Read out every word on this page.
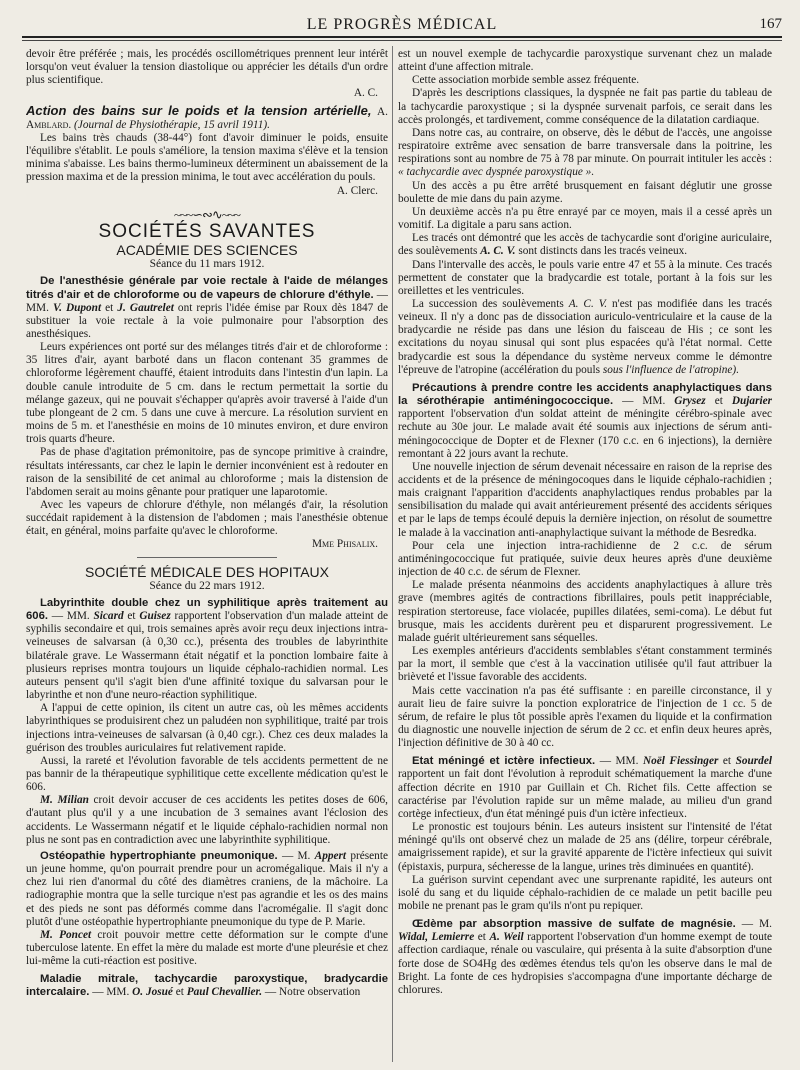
LE PROGRÈS MÉDICAL	167

devoir être préférée ; mais, les procédés oscillométriques prennent leur intérêt lorsqu'on veut évaluer la tension diastolique ou apprécier les détails d'un ordre plus scientifique.

A. C.

Action des bains sur le poids et la tension artérielle, A. Amblard. (Journal de Physiothérapie, 15 avril 1911).

Les bains très chauds (38-44°) font d'avoir diminuer le poids, ensuite l'équilibre s'établit. Le pouls s'améliore, la tension maxima s'élève et la tension minima s'abaisse. Les bains thermo-lumineux déterminent un abaissement de la pression maxima et de la pression minima, le tout avec accélération du pouls.

A. Clerc.
~~~∽∾∿~~~
SOCIÉTÉS SAVANTES
ACADÉMIE DES SCIENCES
Séance du 11 mars 1912.

De l'anesthésie générale par voie rectale à l'aide de mélanges titrés d'air et de chloroforme ou de vapeurs de chlorure d'éthyle. — MM. V. Dupont et J. Gautrelet ont repris l'idée émise par Roux dès 1847 de substituer la voie rectale à la voie pulmonaire pour l'absorption des anesthésiques.

Leurs expériences ont porté sur des mélanges titrés d'air et de chloroforme : 35 litres d'air, ayant barboté dans un flacon contenant 35 grammes de chloroforme légèrement chauffé, étaient introduits dans l'intestin d'un lapin. La double canule introduite de 5 cm. dans le rectum permettait la sortie du mélange gazeux, qui ne pouvait s'échapper qu'après avoir traversé à l'aide d'un tube plongeant de 2 cm. 5 dans une cuve à mercure. La résolution survient en moins de 5 m. et l'anesthésie en moins de 10 minutes environ, et dure environ trois quarts d'heure.

Pas de phase d'agitation prémonitoire, pas de syncope primitive à craindre, résultats intéressants, car chez le lapin le dernier inconvénient est à redouter en raison de la sensibilité de cet animal au chloroforme ; mais la distension de l'abdomen serait au moins gênante pour pratiquer une laparotomie.

Avec les vapeurs de chlorure d'éthyle, non mélangés d'air, la résolution succédait rapidement à la distension de l'abdomen ; mais l'anesthésie obtenue était, en général, moins parfaite qu'avec le chloroforme.

Mme Phisalix.
SOCIÉTÉ MÉDICALE DES HOPITAUX
Séance du 22 mars 1912.

Labyrinthite double chez un syphilitique après traitement au 606. — MM. Sicard et Guisez rapportent l'observation d'un malade atteint de syphilis secondaire et qui, trois semaines après avoir reçu deux injections intra-veineuses de salvarsan (à 0,30 cc.), présenta des troubles de labyrinthite bilatérale grave. Le Wassermann était négatif et la ponction lombaire faite à plusieurs reprises montra toujours un liquide céphalo-rachidien normal. Les auteurs pensent qu'il s'agit bien d'une affinité toxique du salvarsan pour le labyrinthe et non d'une neuro-réaction syphilitique.

A l'appui de cette opinion, ils citent un autre cas, où les mêmes accidents labyrinthiques se produisirent chez un paludéen non syphilitique, traité par trois injections intra-veineuses de salvarsan (à 0,40 cgr.). Chez ces deux malades la guérison des troubles auriculaires fut relativement rapide.

Aussi, la rareté et l'évolution favorable de tels accidents permettent de ne pas bannir de la thérapeutique syphilitique cette excellente médication qu'est le 606.

M. Milian croit devoir accuser de ces accidents les petites doses de 606, d'autant plus qu'il y a une incubation de 3 semaines avant l'éclosion des accidents. Le Wassermann négatif et le liquide céphalo-rachidien normal non plus ne sont pas en contradiction avec une labyrinthite syphilitique.

Ostéopathie hypertrophiante pneumonique. — M. Appert présente un jeune homme, qu'on pourrait prendre pour un acromégalique. Mais il n'y a chez lui rien d'anormal du côté des diamètres craniens, de la mâchoire. La radiographie montra que la selle turcique n'est pas agrandie et les os des mains et des pieds ne sont pas déformés comme dans l'acromégalie. Il s'agit donc plutôt d'une ostéopathie hypertrophiante pneumonique du type de P. Marie.

M. Poncet croit pouvoir mettre cette déformation sur le compte d'une tuberculose latente. En effet la mère du malade est morte d'une pleurésie et chez lui-même la cuti-réaction est positive.

Maladie mitrale, tachycardie paroxystique, bradycardie intercalaire. — MM. O. Josué et Paul Chevallier. — Notre observation

est un nouvel exemple de tachycardie paroxystique survenant chez un malade atteint d'une affection mitrale.

Cette association morbide semble assez fréquente.

D'après les descriptions classiques, la dyspnée ne fait pas partie du tableau de la tachycardie paroxystique ; si la dyspnée survenait parfois, ce serait dans les accès prolongés, et tardivement, comme conséquence de la dilatation cardiaque.

Dans notre cas, au contraire, on observe, dès le début de l'accès, une angoisse respiratoire extrême avec sensation de barre transversale dans la poitrine, les respirations sont au nombre de 75 à 78 par minute. On pourrait intituler les accès : « tachycardie avec dyspnée paroxystique ».

Un des accès a pu être arrêté brusquement en faisant déglutir une grosse boulette de mie dans du pain azyme.

Un deuxième accès n'a pu être enrayé par ce moyen, mais il a cessé après un vomitif. La digitale a paru sans action.

Les tracés ont démontré que les accès de tachycardie sont d'origine auriculaire, des soulèvements A. C. V. sont distincts dans les tracés veineux.

Dans l'intervalle des accès, le pouls varie entre 47 et 55 à la minute. Ces tracés permettent de constater que la bradycardie est totale, portant à la fois sur les oreillettes et les ventricules.

La succession des soulèvements A. C. V. n'est pas modifiée dans les tracés veineux. Il n'y a donc pas de dissociation auriculo-ventriculaire et la cause de la bradycardie ne réside pas dans une lésion du faisceau de His ; ce sont les excitations du noyau sinusal qui sont plus espacées qu'à l'état normal. Cette bradycardie est sous la dépendance du système nerveux comme le démontre l'épreuve de l'atropine (accélération du pouls sous l'influence de l'atropine).

Précautions à prendre contre les accidents anaphylactiques dans la sérothérapie antiméningococcique. — MM. Grysez et Dujarier rapportent l'observation d'un soldat atteint de méningite cérébro-spinale avec rechute au 30e jour. Le malade avait été soumis aux injections de sérum anti-méningococcique de Dopter et de Flexner (170 c.c. en 6 injections), la dernière remontant à 22 jours avant la rechute.

Une nouvelle injection de sérum devenait nécessaire en raison de la reprise des accidents et de la présence de méningocoques dans le liquide céphalo-rachidien ; mais craignant l'apparition d'accidents anaphylactiques rendus probables par la sensibilisation du malade qui avait antérieurement présenté des accidents sériques et par le laps de temps écoulé depuis la dernière injection, on résolut de soumettre le malade à la vaccination anti-anaphylactique suivant la méthode de Besredka.

Pour cela une injection intra-rachidienne de 2 c.c. de sérum antiméningococcique fut pratiquée, suivie deux heures après d'une deuxième injection de 40 c.c. de sérum de Flexner.

Le malade présenta néanmoins des accidents anaphylactiques à allure très grave (membres agités de contractions fibrillaires, pouls petit inappréciable, respiration stertoreuse, face violacée, pupilles dilatées, semi-coma). Le début fut brusque, mais les accidents durèrent peu et disparurent progressivement. Le malade guérit ultérieurement sans séquelles.

Les exemples antérieurs d'accidents semblables s'étant constamment terminés par la mort, il semble que c'est à la vaccination utilisée qu'il faut attribuer la brièveté et l'issue favorable des accidents.

Mais cette vaccination n'a pas été suffisante : en pareille circonstance, il y aurait lieu de faire suivre la ponction exploratrice de l'injection de 1 cc. 5 de sérum, de refaire le plus tôt possible après l'examen du liquide et la confirmation du diagnostic une nouvelle injection de sérum de 2 cc. et enfin deux heures après, l'injection définitive de 30 à 40 cc.

Etat méningé et ictère infectieux. — MM. Noël Fiessinger et Sourdel rapportent un fait dont l'évolution à reproduit schématiquement la marche d'une affection décrite en 1910 par Guillain et Ch. Richet fils. Cette affection se caractérise par l'évolution rapide sur un même malade, au milieu d'un grand cortège infectieux, d'un état méningé puis d'un ictère infectieux.

Le pronostic est toujours bénin. Les auteurs insistent sur l'intensité de l'état méningé qu'ils ont observé chez un malade de 25 ans (délire, torpeur cérébrale, amaigrissement rapide), et sur la gravité apparente de l'ictère infectieux qui suivit (épistaxis, purpura, sécheresse de la langue, urines très diminuées en quantité).

La guérison survint cependant avec une surprenante rapidité, les auteurs ont isolé du sang et du liquide céphalo-rachidien de ce malade un petit bacille peu mobile ne prenant pas le gram qu'ils n'ont pu repiquer.

Œdème par absorption massive de sulfate de magnésie. — M. Widal, Lemierre et A. Weil rapportent l'observation d'un homme exempt de toute affection cardiaque, rénale ou vasculaire, qui présenta à la suite d'absorption d'une forte dose de SO4Hg des œdèmes étendus tels qu'on les observe dans le mal de Bright. La fonte de ces hydropisies s'accompagna d'une importante décharge de chlorures.
